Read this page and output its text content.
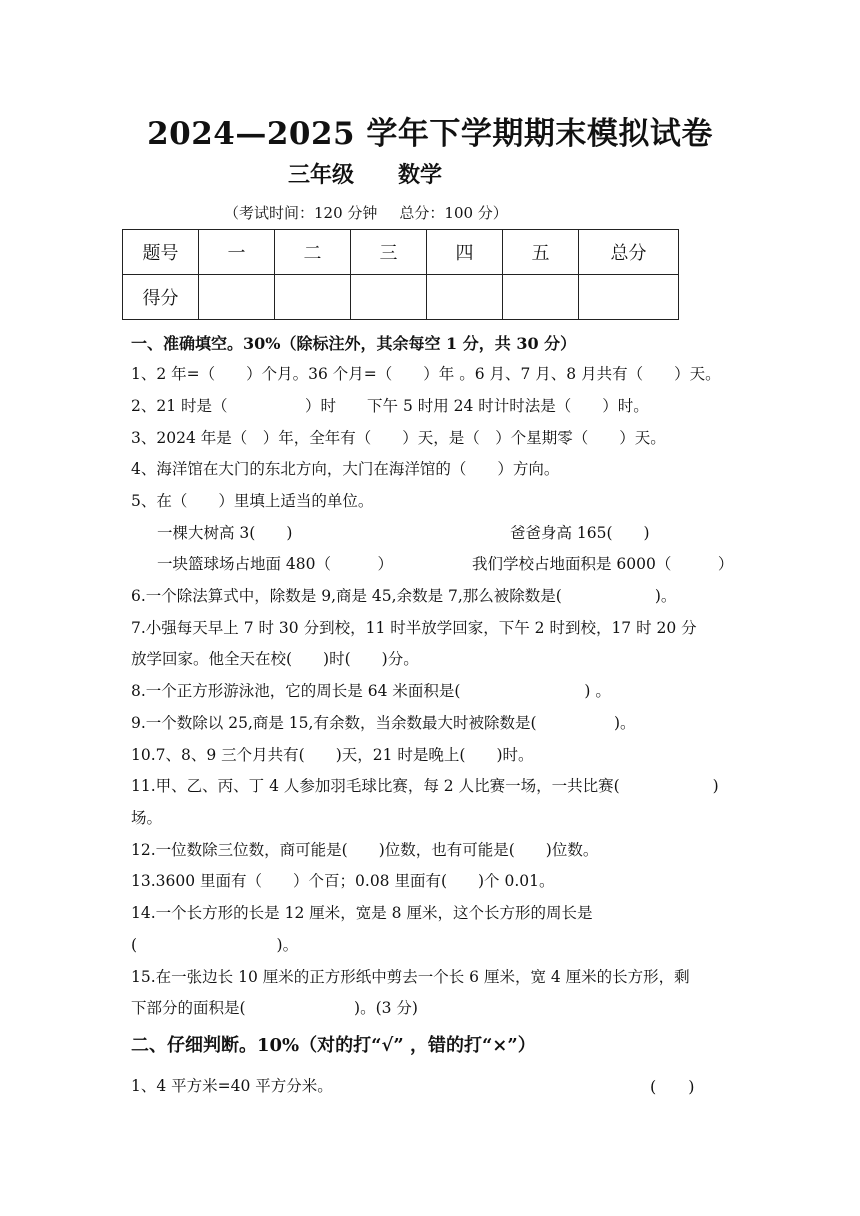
2024—2025 学年下学期期末模拟试卷
三年级 数学
（考试时间：120 分钟 总分：100 分）
题号	一	二	三	四	五	总分
得分						
一、准确填空。30%（除标注外，其余每空 1 分，共 30 分）
1、2 年=（　　）个月。36 个月=（　　）年 。6 月、7 月、8 月共有（　　）天。
2、21 时是（　　　　　）时　　下午 5 时用 24 时计时法是（　　）时。
3、2024 年是（　）年，全年有（　　）天，是（　）个星期零（　　）天。
4、海洋馆在大门的东北方向，大门在海洋馆的（　　）方向。
5、在（　　）里填上适当的单位。
一棵大树高 3(　　)	爸爸身高 165(　　)
一块篮球场占地面 480（　　　）	我们学校占地面积是 6000（　　　）
6.一个除法算式中，除数是 9,商是 45,余数是 7,那么被除数是(　　　　　　)。
7.小强每天早上 7 时 30 分到校，11 时半放学回家，下午 2 时到校，17 时 20 分
放学回家。他全天在校(　　)时(　　)分。
8.一个正方形游泳池，它的周长是 64 米面积是(　　　　　　　　) 。
9.一个数除以 25,商是 15,有余数，当余数最大时被除数是(　　　　　)。
10.7、8、9 三个月共有(　　)天，21 时是晚上(　　)时。
11.甲、乙、丙、丁 4 人参加羽毛球比赛，每 2 人比赛一场，一共比赛(　　　　　　)
场。
12.一位数除三位数，商可能是(　　)位数，也有可能是(　　)位数。
13.3600 里面有（　　）个百；0.08 里面有(　　)个 0.01。
14.一个长方形的长是 12 厘米，宽是 8 厘米，这个长方形的周长是
(　　　　　　　　　)。
15.在一张边长 10 厘米的正方形纸中剪去一个长 6 厘米，宽 4 厘米的长方形，剩
下部分的面积是(　　　　　　　)。(3 分)
二、仔细判断。10%（对的打“√” ，错的打“×”）
1、4 平方米=40 平方分米。	(　　)
